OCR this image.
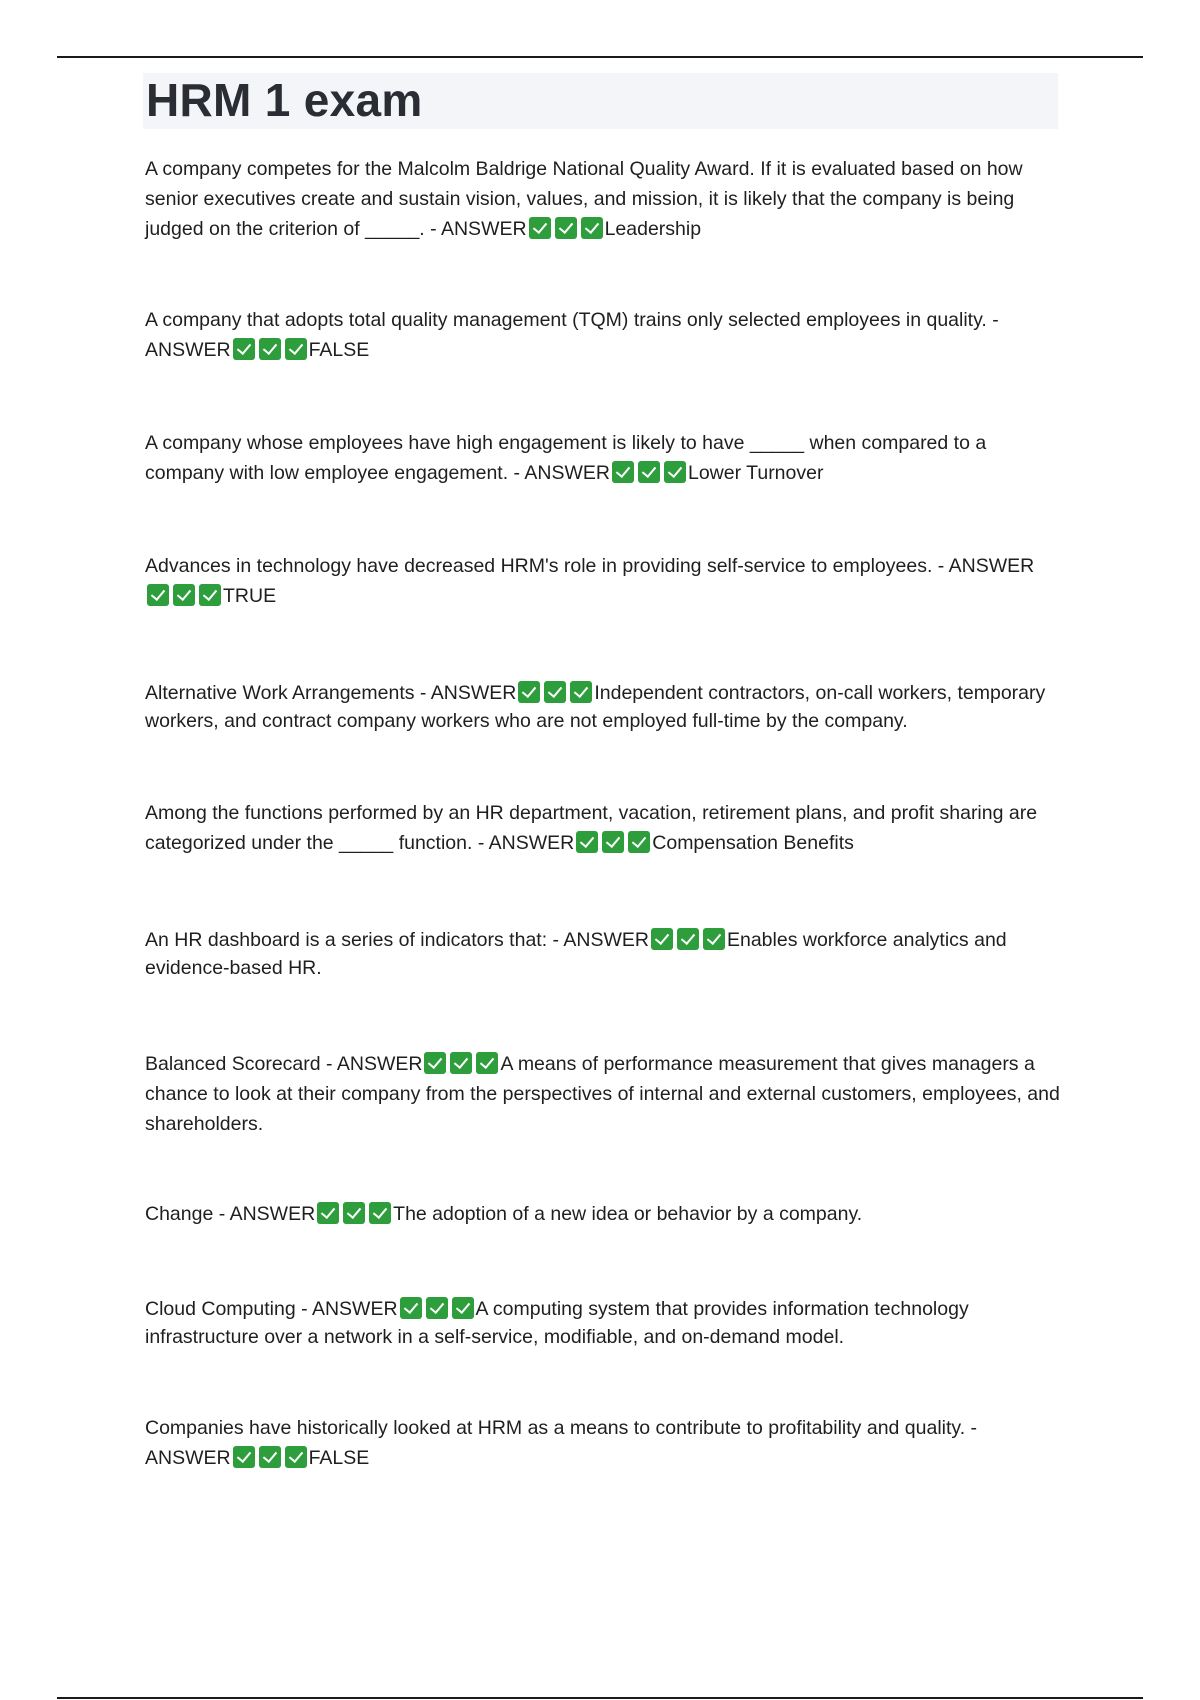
HRM 1 exam

A company competes for the Malcolm Baldrige National Quality Award. If it is evaluated based on how senior executives create and sustain vision, values, and mission, it is likely that the company is being judged on the criterion of _____. - ANSWER	Leadership

A company that adopts total quality management (TQM) trains only selected employees in quality. - ANSWER	FALSE

A company whose employees have high engagement is likely to have _____ when compared to a company with low employee engagement. - ANSWER	Lower Turnover

Advances in technology have decreased HRM's role in providing self-service to employees. - ANSWERTRUE

Alternative Work Arrangements - ANSWER	Independent contractors, on-call workers, temporary workers, and contract company workers who are not employed full-time by the company.

Among the functions performed by an HR department, vacation, retirement plans, and profit sharing are categorized under the _____ function. - ANSWER	Compensation Benefits

An HR dashboard is a series of indicators that: - ANSWER	Enables workforce analytics and evidence-based HR.

Balanced Scorecard - ANSWER	A means of performance measurement that gives managers a chance to look at their company from the perspectives of internal and external customers, employees, and shareholders.

Change - ANSWER	The adoption of a new idea or behavior by a company.

Cloud Computing - ANSWER	A computing system that provides information technology infrastructure over a network in a self-service, modifiable, and on-demand model.

Companies have historically looked at HRM as a means to contribute to profitability and quality. - ANSWER	FALSE
